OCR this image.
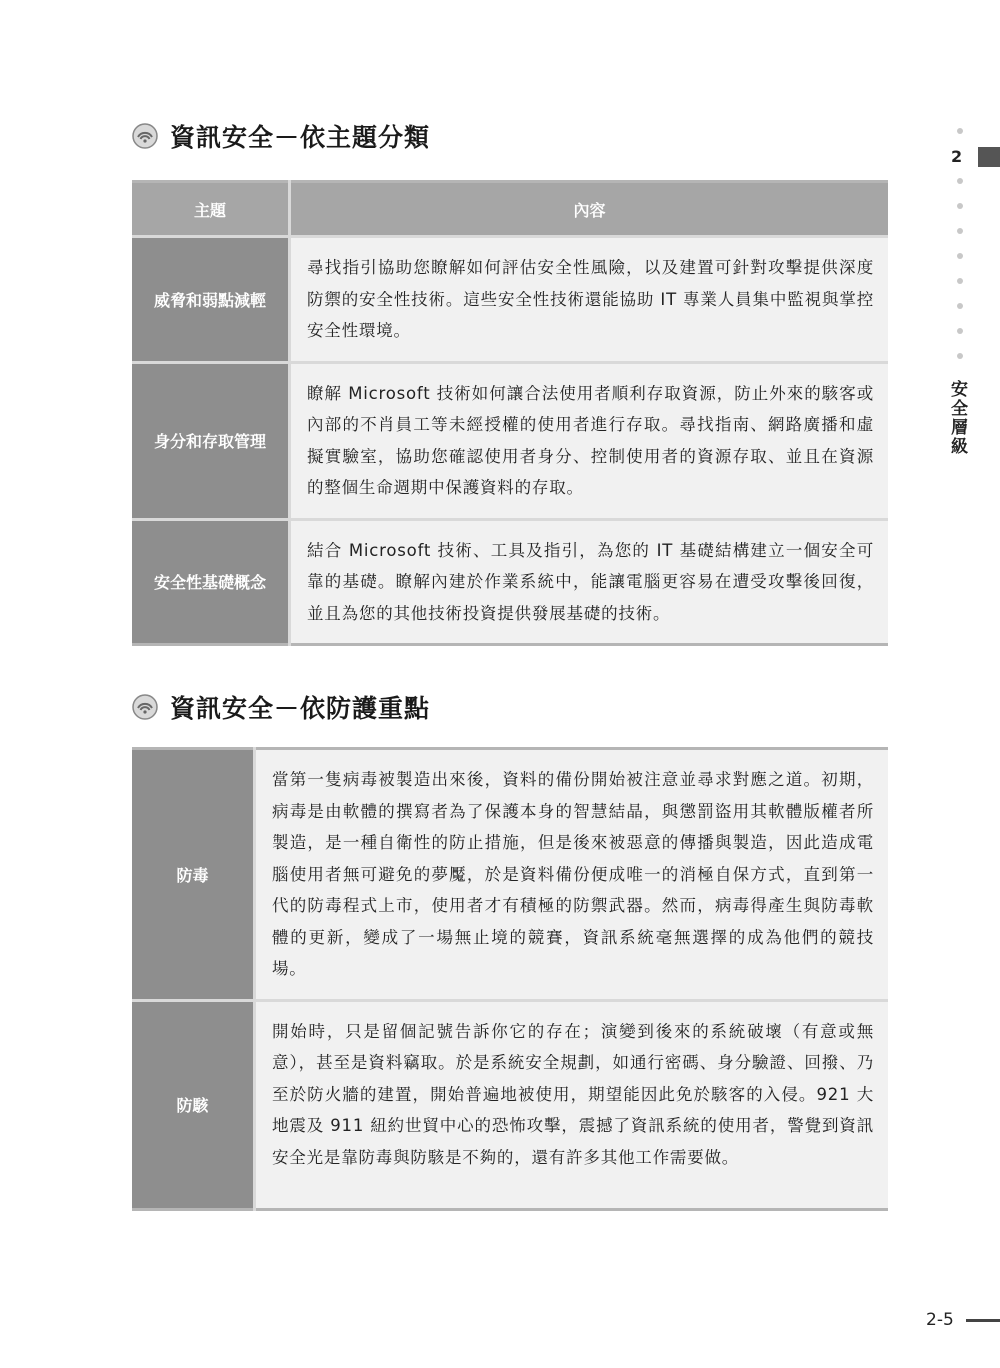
資訊安全－依主題分類
主題	內容
威脅和弱點減輕	尋找指引協助您瞭解如何評估安全性風險，以及建置可針對攻擊提供深度防禦的安全性技術。這些安全性技術還能協助 IT 專業人員集中監視與掌控安全性環境。
身分和存取管理	瞭解 Microsoft 技術如何讓合法使用者順利存取資源，防止外來的駭客或內部的不肖員工等未經授權的使用者進行存取。尋找指南、網路廣播和虛擬實驗室，協助您確認使用者身分、控制使用者的資源存取、並且在資源的整個生命週期中保護資料的存取。
安全性基礎概念	結合 Microsoft 技術、工具及指引，為您的 IT 基礎結構建立一個安全可靠的基礎。瞭解內建於作業系統中，能讓電腦更容易在遭受攻擊後回復，並且為您的其他技術投資提供發展基礎的技術。
資訊安全－依防護重點
防毒	當第一隻病毒被製造出來後，資料的備份開始被注意並尋求對應之道。初期，病毒是由軟體的撰寫者為了保護本身的智慧結晶，與懲罰盜用其軟體版權者所製造，是一種自衛性的防止措施，但是後來被惡意的傳播與製造，因此造成電腦使用者無可避免的夢魘，於是資料備份便成唯一的消極自保方式，直到第一代的防毒程式上市，使用者才有積極的防禦武器。然而，病毒得產生與防毒軟體的更新，變成了一場無止境的競賽，資訊系統毫無選擇的成為他們的競技場。
防駭	開始時，只是留個記號告訴你它的存在；演變到後來的系統破壞（有意或無意），甚至是資料竊取。於是系統安全規劃，如通行密碼、身分驗證、回撥、乃至於防火牆的建置，開始普遍地被使用，期望能因此免於駭客的入侵。921 大地震及 911 紐約世貿中心的恐怖攻擊，震撼了資訊系統的使用者，警覺到資訊安全光是靠防毒與防駭是不夠的，還有許多其他工作需要做。
2
安全層級
2-5
